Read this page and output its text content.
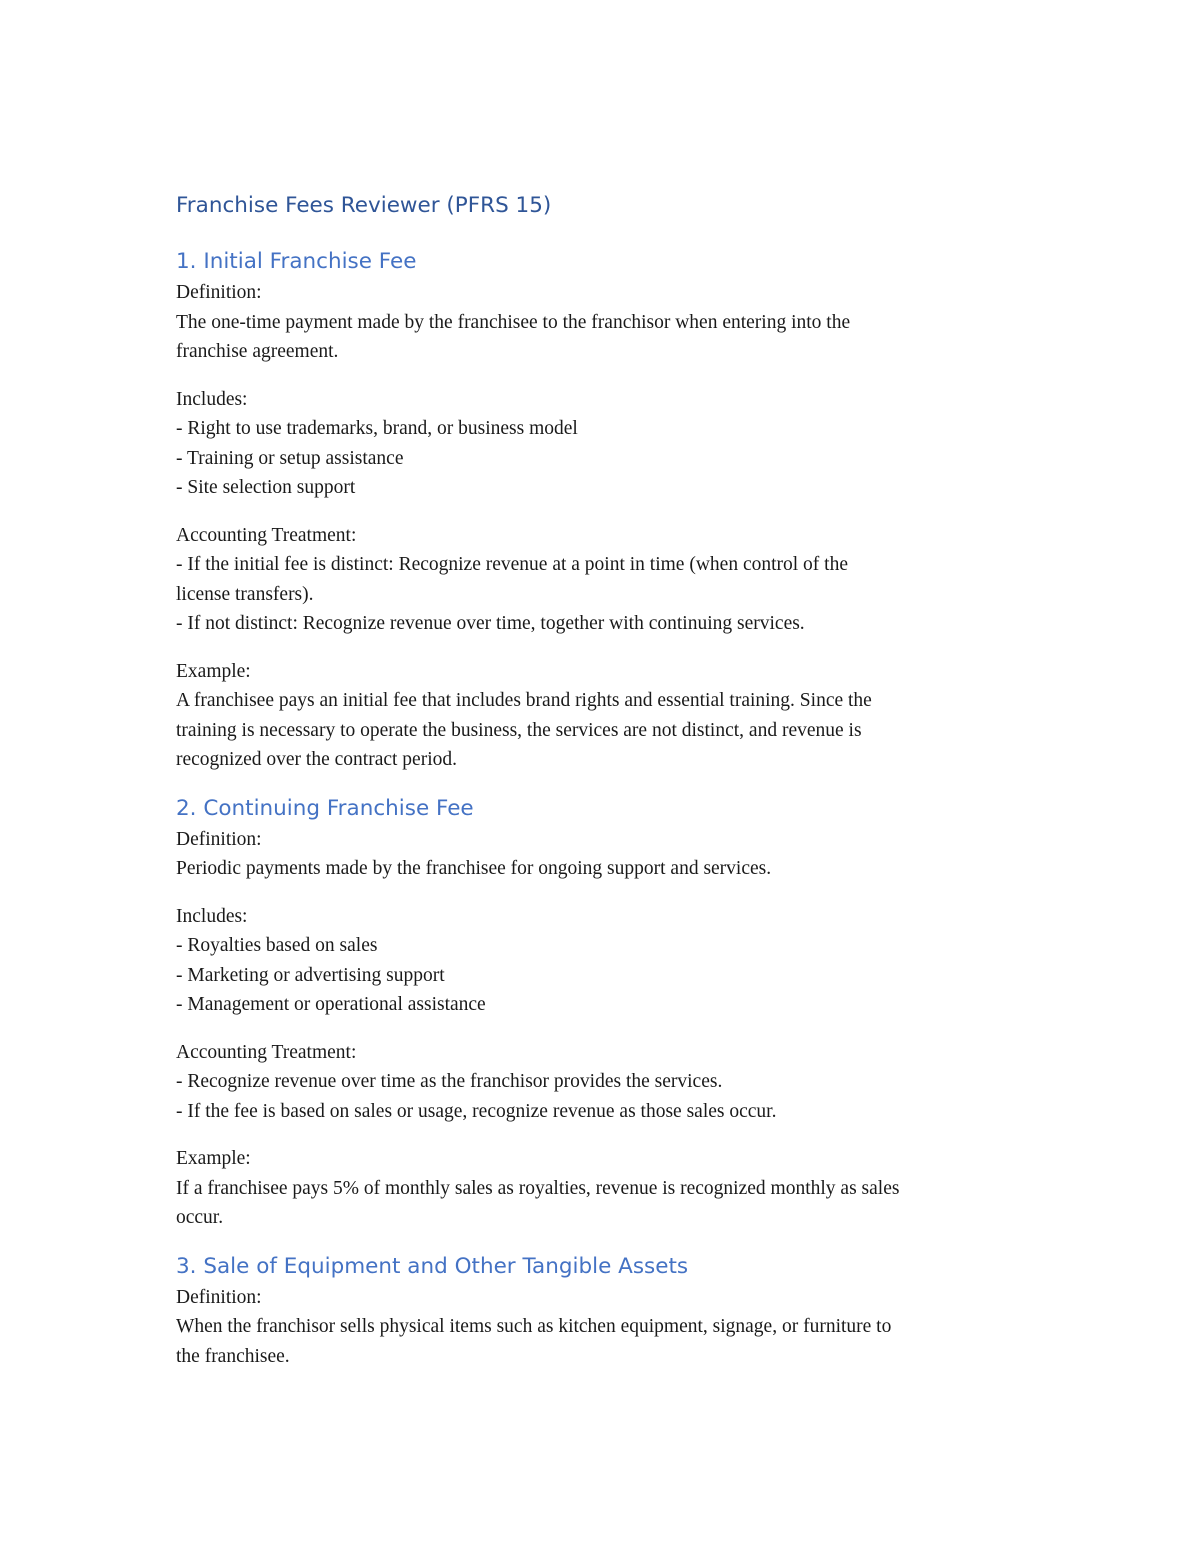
Franchise Fees Reviewer (PFRS 15)
1. Initial Franchise Fee

Definition:

The one-time payment made by the franchisee to the franchisor when entering into the

franchise agreement.

Includes:

- Right to use trademarks, brand, or business model

- Training or setup assistance

- Site selection support

Accounting Treatment:

- If the initial fee is distinct: Recognize revenue at a point in time (when control of the

license transfers).

- If not distinct: Recognize revenue over time, together with continuing services.

Example:

A franchisee pays an initial fee that includes brand rights and essential training. Since the

training is necessary to operate the business, the services are not distinct, and revenue is

recognized over the contract period.

2. Continuing Franchise Fee

Definition:

Periodic payments made by the franchisee for ongoing support and services.

Includes:

- Royalties based on sales

- Marketing or advertising support

- Management or operational assistance

Accounting Treatment:

- Recognize revenue over time as the franchisor provides the services.

- If the fee is based on sales or usage, recognize revenue as those sales occur.

Example:

If a franchisee pays 5% of monthly sales as royalties, revenue is recognized monthly as sales

occur.

3. Sale of Equipment and Other Tangible Assets

Definition:

When the franchisor sells physical items such as kitchen equipment, signage, or furniture to

the franchisee.
